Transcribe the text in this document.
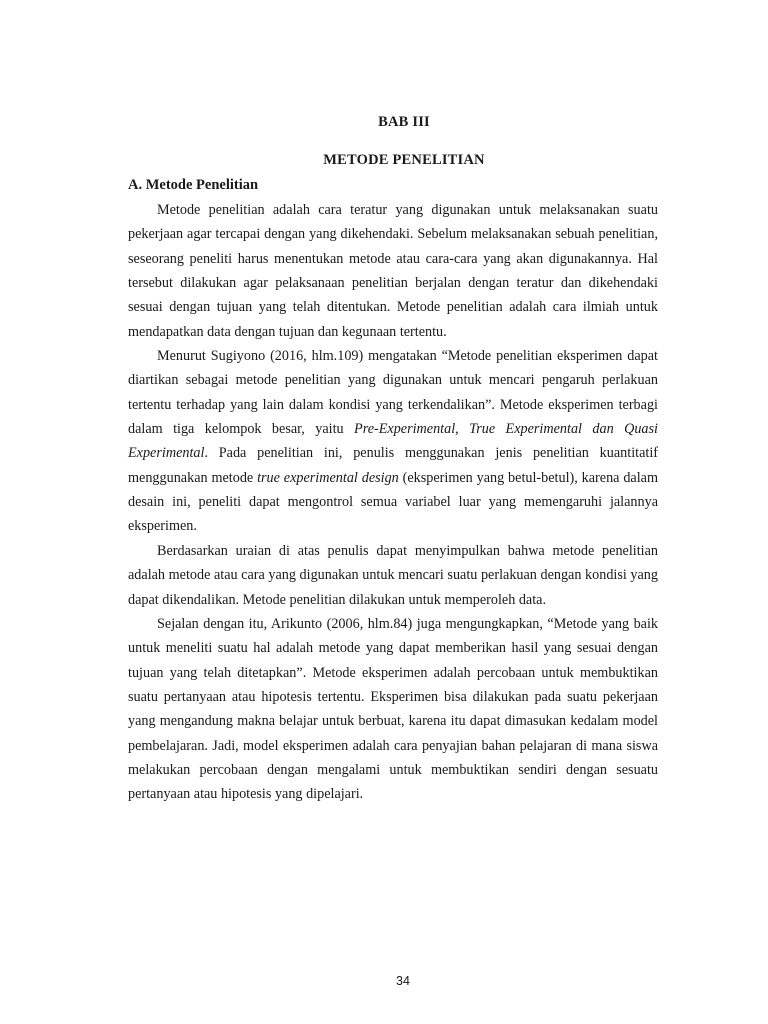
BAB III
METODE PENELITIAN
A. Metode Penelitian

Metode penelitian adalah cara teratur yang digunakan untuk melaksanakan suatu pekerjaan agar tercapai dengan yang dikehendaki. Sebelum melaksanakan sebuah penelitian, seseorang peneliti harus menentukan metode atau cara-cara yang akan digunakannya. Hal tersebut dilakukan agar pelaksanaan penelitian berjalan dengan teratur dan dikehendaki sesuai dengan tujuan yang telah ditentukan. Metode penelitian adalah cara ilmiah untuk mendapatkan data dengan tujuan dan kegunaan tertentu.

Menurut Sugiyono (2016, hlm.109) mengatakan “Metode penelitian eksperimen dapat diartikan sebagai metode penelitian yang digunakan untuk mencari pengaruh perlakuan tertentu terhadap yang lain dalam kondisi yang terkendalikan”. Metode eksperimen terbagi dalam tiga kelompok besar, yaitu Pre-Experimental, True Experimental dan Quasi Experimental. Pada penelitian ini, penulis menggunakan jenis penelitian kuantitatif menggunakan metode true experimental design (eksperimen yang betul-betul), karena dalam desain ini, peneliti dapat mengontrol semua variabel luar yang memengaruhi jalannya eksperimen.

Berdasarkan uraian di atas penulis dapat menyimpulkan bahwa metode penelitian adalah metode atau cara yang digunakan untuk mencari suatu perlakuan dengan kondisi yang dapat dikendalikan. Metode penelitian dilakukan untuk memperoleh data.

Sejalan dengan itu, Arikunto (2006, hlm.84) juga mengungkapkan, “Metode yang baik untuk meneliti suatu hal adalah metode yang dapat memberikan hasil yang sesuai dengan tujuan yang telah ditetapkan”. Metode eksperimen adalah percobaan untuk membuktikan suatu pertanyaan atau hipotesis tertentu. Eksperimen bisa dilakukan pada suatu pekerjaan yang mengandung makna belajar untuk berbuat, karena itu dapat dimasukan kedalam model pembelajaran. Jadi, model eksperimen adalah cara penyajian bahan pelajaran di mana siswa melakukan percobaan dengan mengalami untuk membuktikan sendiri dengan sesuatu pertanyaan atau hipotesis yang dipelajari.

34
